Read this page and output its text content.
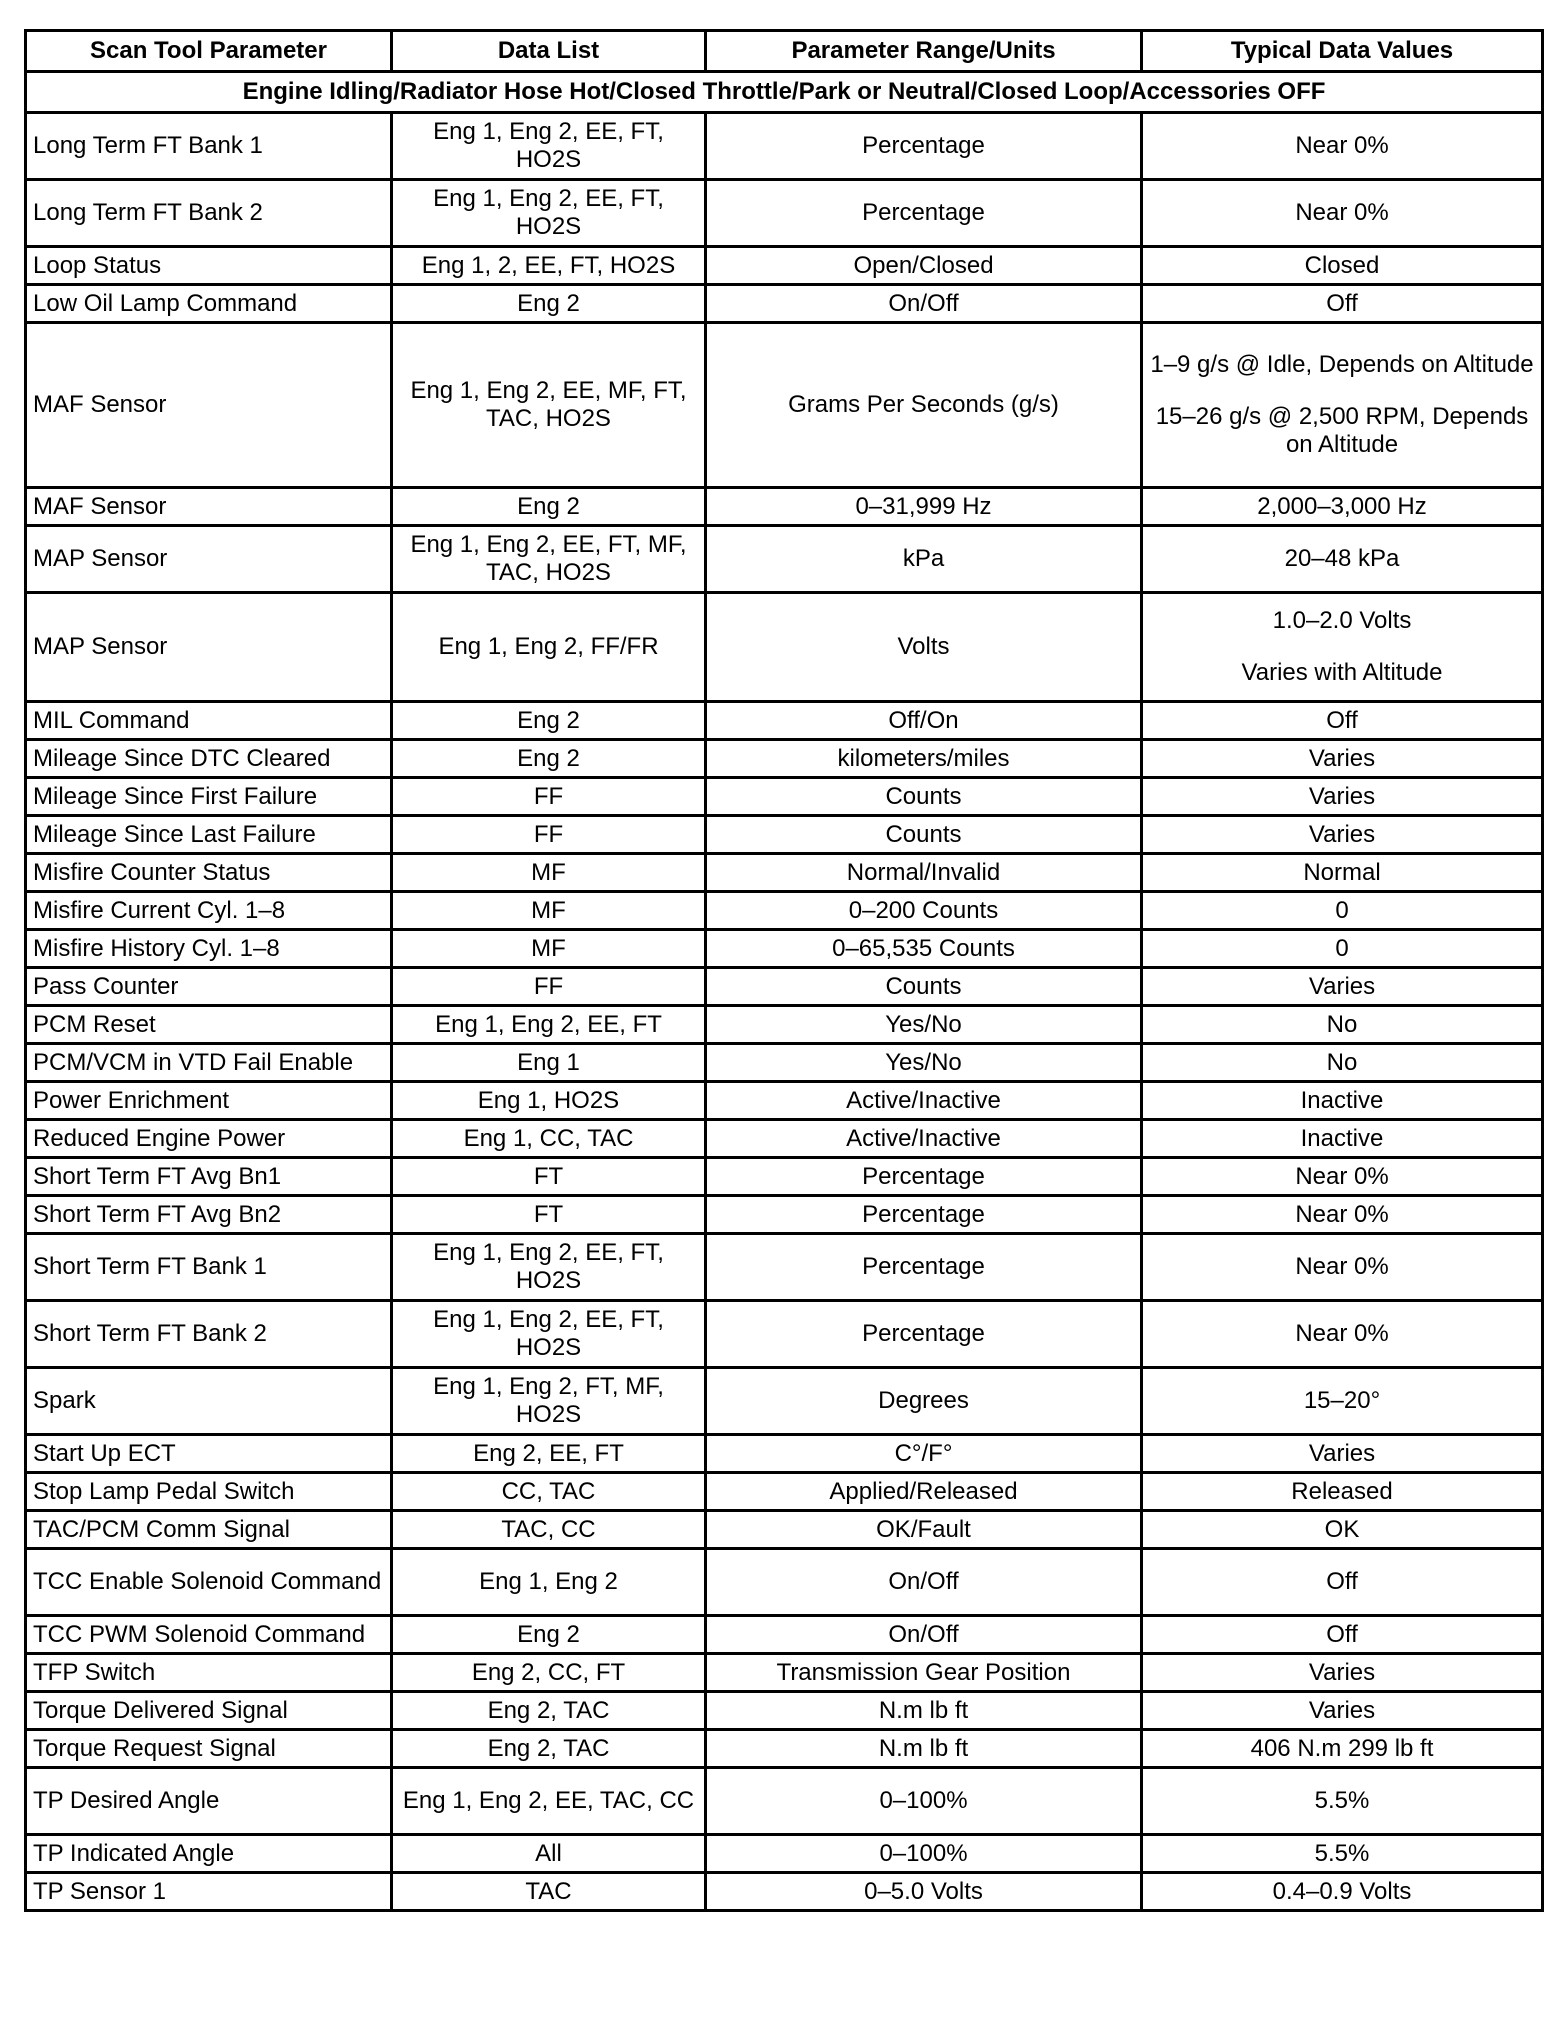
Scan Tool Parameter	Data List	Parameter Range/Units	Typical Data Values
Engine Idling/Radiator Hose Hot/Closed Throttle/Park or Neutral/Closed Loop/Accessories OFF			
Long Term FT Bank 1	Eng 1, Eng 2, EE, FT, HO2S	Percentage	Near 0%
Long Term FT Bank 2	Eng 1, Eng 2, EE, FT, HO2S	Percentage	Near 0%
Loop Status	Eng 1, 2, EE, FT, HO2S	Open/Closed	Closed
Low Oil Lamp Command	Eng 2	On/Off	Off
MAF Sensor	Eng 1, Eng 2, EE, MF, FT, TAC, HO2S	Grams Per Seconds (g/s)	1–9 g/s @ Idle, Depends on Altitude
15–26 g/s @ 2,500 RPM, Depends on Altitude

MAF Sensor	Eng 2	0–31,999 Hz	2,000–3,000 Hz
MAP Sensor	Eng 1, Eng 2, EE, FT, MF, TAC, HO2S	kPa	20–48 kPa
MAP Sensor	Eng 1, Eng 2, FF/FR	Volts	1.0–2.0 Volts
Varies with Altitude

MIL Command	Eng 2	Off/On	Off
Mileage Since DTC Cleared	Eng 2	kilometers/miles	Varies
Mileage Since First Failure	FF	Counts	Varies
Mileage Since Last Failure	FF	Counts	Varies
Misfire Counter Status	MF	Normal/Invalid	Normal
Misfire Current Cyl. 1–8	MF	0–200 Counts	0
Misfire History Cyl. 1–8	MF	0–65,535 Counts	0
Pass Counter	FF	Counts	Varies
PCM Reset	Eng 1, Eng 2, EE, FT	Yes/No	No
PCM/VCM in VTD Fail Enable	Eng 1	Yes/No	No
Power Enrichment	Eng 1, HO2S	Active/Inactive	Inactive
Reduced Engine Power	Eng 1, CC, TAC	Active/Inactive	Inactive
Short Term FT Avg Bn1	FT	Percentage	Near 0%
Short Term FT Avg Bn2	FT	Percentage	Near 0%
Short Term FT Bank 1	Eng 1, Eng 2, EE, FT, HO2S	Percentage	Near 0%
Short Term FT Bank 2	Eng 1, Eng 2, EE, FT, HO2S	Percentage	Near 0%
Spark	Eng 1, Eng 2, FT, MF, HO2S	Degrees	15–20°
Start Up ECT	Eng 2, EE, FT	C°/F°	Varies
Stop Lamp Pedal Switch	CC, TAC	Applied/Released	Released
TAC/PCM Comm Signal	TAC, CC	OK/Fault	OK
TCC Enable Solenoid Command	Eng 1, Eng 2	On/Off	Off
TCC PWM Solenoid Command	Eng 2	On/Off	Off
TFP Switch	Eng 2, CC, FT	Transmission Gear Position	Varies
Torque Delivered Signal	Eng 2, TAC	N.m lb ft	Varies
Torque Request Signal	Eng 2, TAC	N.m lb ft	406 N.m 299 lb ft
TP Desired Angle	Eng 1, Eng 2, EE, TAC, CC	0–100%	5.5%
TP Indicated Angle	All	0–100%	5.5%
TP Sensor 1	TAC	0–5.0 Volts	0.4–0.9 Volts
